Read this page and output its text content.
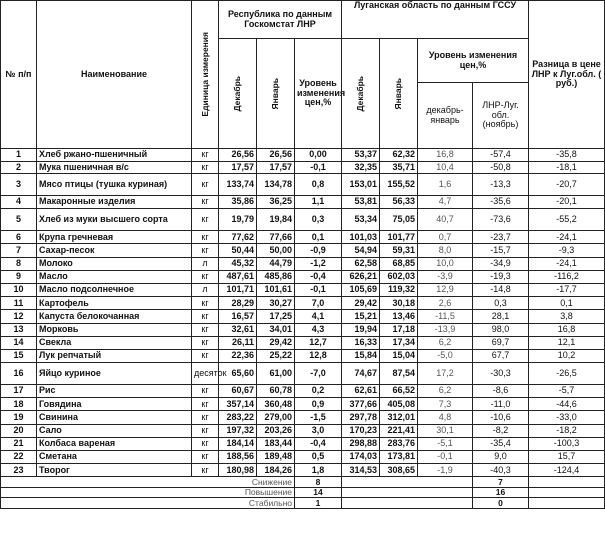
№ п/п	Наименование	Единица измерения	Республика по данным Госкомстат ЛНР			Луганская область по данным ГССУ				Разница в цене ЛНР к Луг.обл. ( руб.)

			Декабрь	Январь	Уровень изменения цен,%	Декабрь	Январь	Уровень изменения цен,%		
								декабрь- январь	ЛНР-Луг. обл. (ноябрь)	
1	Хлеб ржано-пшеничный	кг	26,56	26,56	0,00	53,37	62,32	16,8	-57,4	-35,8
2	Мука пшеничная в/с	кг	17,57	17,57	-0,1	32,35	35,71	10,4	-50,8	-18,1
3	Мясо птицы (тушка куриная)	кг	133,74	134,78	0,8	153,01	155,52	1,6	-13,3	-20,7
4	Макаронные изделия	кг	35,86	36,25	1,1	53,81	56,33	4,7	-35,6	-20,1
5	Хлеб из муки высшего сорта	кг	19,79	19,84	0,3	53,34	75,05	40,7	-73,6	-55,2
6	Крупа гречневая	кг	77,62	77,66	0,1	101,03	101,77	0,7	-23,7	-24,1
7	Сахар-песок	кг	50,44	50,00	-0,9	54,94	59,31	8,0	-15,7	-9,3
8	Молоко	л	45,32	44,79	-1,2	62,58	68,85	10,0	-34,9	-24,1
9	Масло	кг	487,61	485,86	-0,4	626,21	602,03	-3,9	-19,3	-116,2
10	Масло подсолнечное	л	101,71	101,61	-0,1	105,69	119,32	12,9	-14,8	-17,7
11	Картофель	кг	28,29	30,27	7,0	29,42	30,18	2,6	0,3	0,1
12	Капуста белокочанная	кг	16,57	17,25	4,1	15,21	13,46	-11,5	28,1	3,8
13	Морковь	кг	32,61	34,01	4,3	19,94	17,18	-13,9	98,0	16,8
14	Свекла	кг	26,11	29,42	12,7	16,33	17,34	6,2	69,7	12,1
15	Лук репчатый	кг	22,36	25,22	12,8	15,84	15,04	-5,0	67,7	10,2
16	Яйцо куриное	десяток	65,60	61,00	-7,0	74,67	87,54	17,2	-30,3	-26,5
17	Рис	кг	60,67	60,78	0,2	62,61	66,52	6,2	-8,6	-5,7
18	Говядина	кг	357,14	360,48	0,9	377,66	405,08	7,3	-11,0	-44,6
19	Свинина	кг	283,22	279,00	-1,5	297,78	312,01	4,8	-10,6	-33,0
20	Сало	кг	197,32	203,26	3,0	170,23	221,41	30,1	-8,2	-18,2
21	Колбаса вареная	кг	184,14	183,44	-0,4	298,88	283,76	-5,1	-35,4	-100,3
22	Сметана	кг	188,56	189,48	0,5	174,03	173,81	-0,1	9,0	15,7
23	Творог	кг	180,98	184,26	1,8	314,53	308,65	-1,9	-40,3	-124,4
Снижение					8				7	
Повышение					14				16	
Стабильно					1				0	
